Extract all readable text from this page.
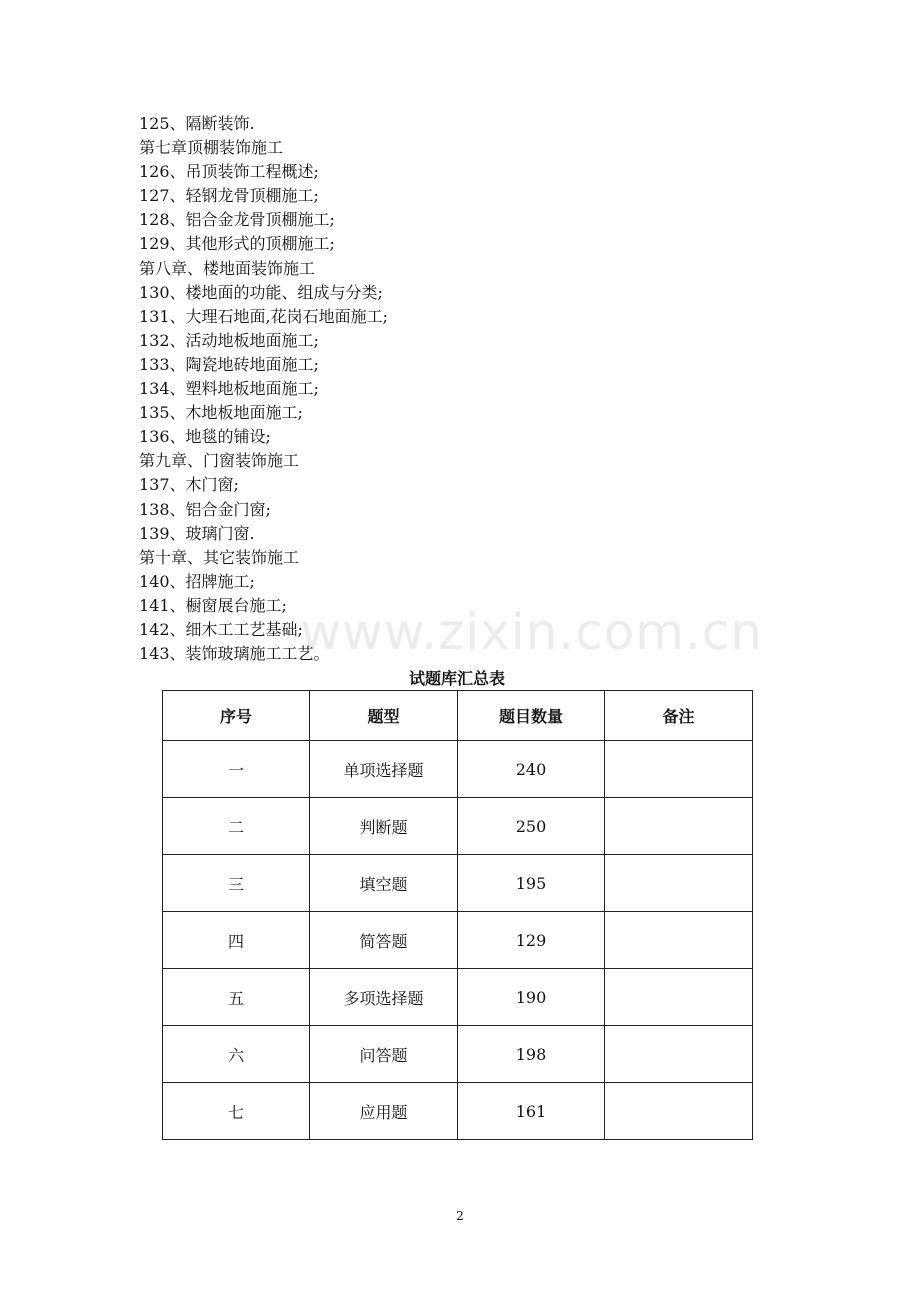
125、隔断装饰.
第七章顶棚装饰施工
126、吊顶装饰工程概述;
127、轻钢龙骨顶棚施工;
128、铝合金龙骨顶棚施工;
129、其他形式的顶棚施工;
第八章、楼地面装饰施工
130、楼地面的功能、组成与分类;
131、大理石地面,花岗石地面施工;
132、活动地板地面施工;
133、陶瓷地砖地面施工;
134、塑料地板地面施工;
135、木地板地面施工;
136、地毯的铺设;
第九章、门窗装饰施工
137、木门窗;
138、铝合金门窗;
139、玻璃门窗.
第十章、其它装饰施工
140、招牌施工;
141、橱窗展台施工;
142、细木工工艺基础;
143、装饰玻璃施工工艺。
www.zixin.com.cn
试题库汇总表
序号	题型	题目数量	备注
一	单项选择题	240	
二	判断题	250	
三	填空题	195	
四	简答题	129	
五	多项选择题	190	
六	问答题	198	
七	应用题	161	
2
